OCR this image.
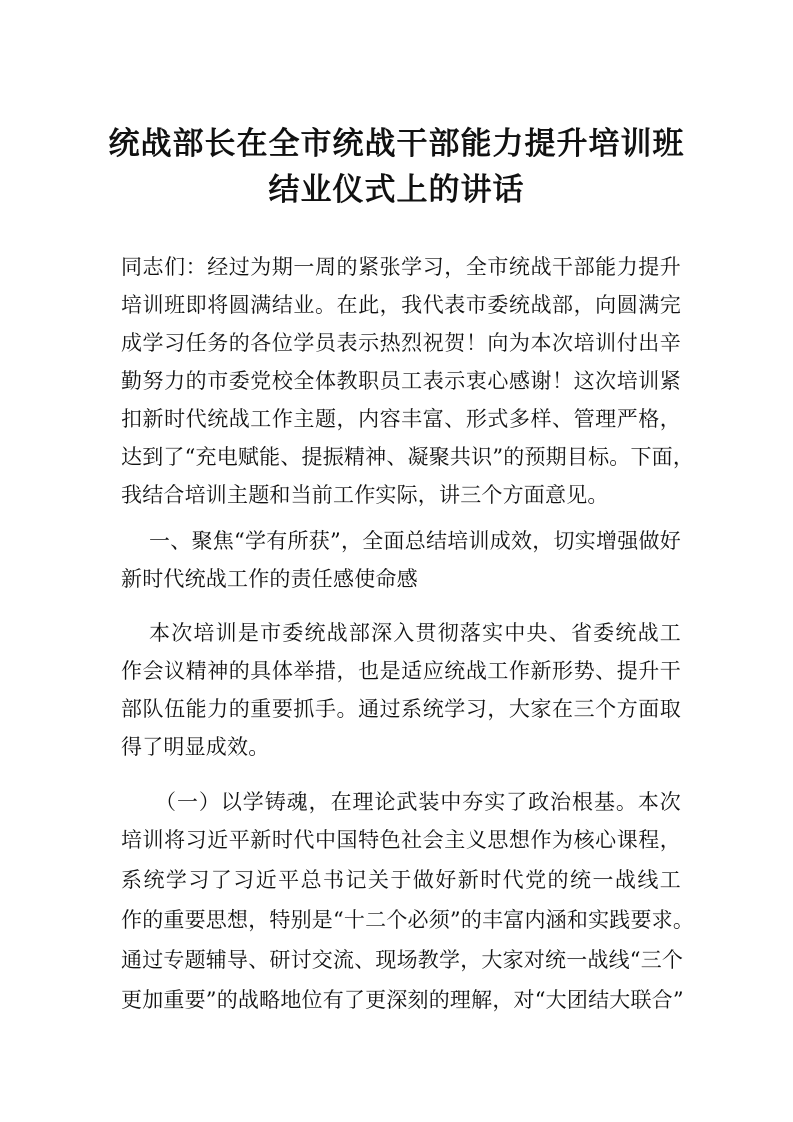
统战部长在全市统战干部能力提升培训班
结业仪式上的讲话
同志们：经过为期一周的紧张学习，全市统战干部能力提升
培训班即将圆满结业。在此，我代表市委统战部，向圆满完
成学习任务的各位学员表示热烈祝贺！向为本次培训付出辛
勤努力的市委党校全体教职员工表示衷心感谢！这次培训紧
扣新时代统战工作主题，内容丰富、形式多样、管理严格，
达到了“充电赋能、提振精神、凝聚共识”的预期目标。下面，
我结合培训主题和当前工作实际，讲三个方面意见。
一、聚焦“学有所获”，全面总结培训成效，切实增强做好
新时代统战工作的责任感使命感
本次培训是市委统战部深入贯彻落实中央、省委统战工
作会议精神的具体举措，也是适应统战工作新形势、提升干
部队伍能力的重要抓手。通过系统学习，大家在三个方面取
得了明显成效。
（一）以学铸魂，在理论武装中夯实了政治根基。本次
培训将习近平新时代中国特色社会主义思想作为核心课程，
系统学习了习近平总书记关于做好新时代党的统一战线工
作的重要思想，特别是“十二个必须”的丰富内涵和实践要求。
通过专题辅导、研讨交流、现场教学，大家对统一战线“三个
更加重要”的战略地位有了更深刻的理解，对“大团结大联合”
